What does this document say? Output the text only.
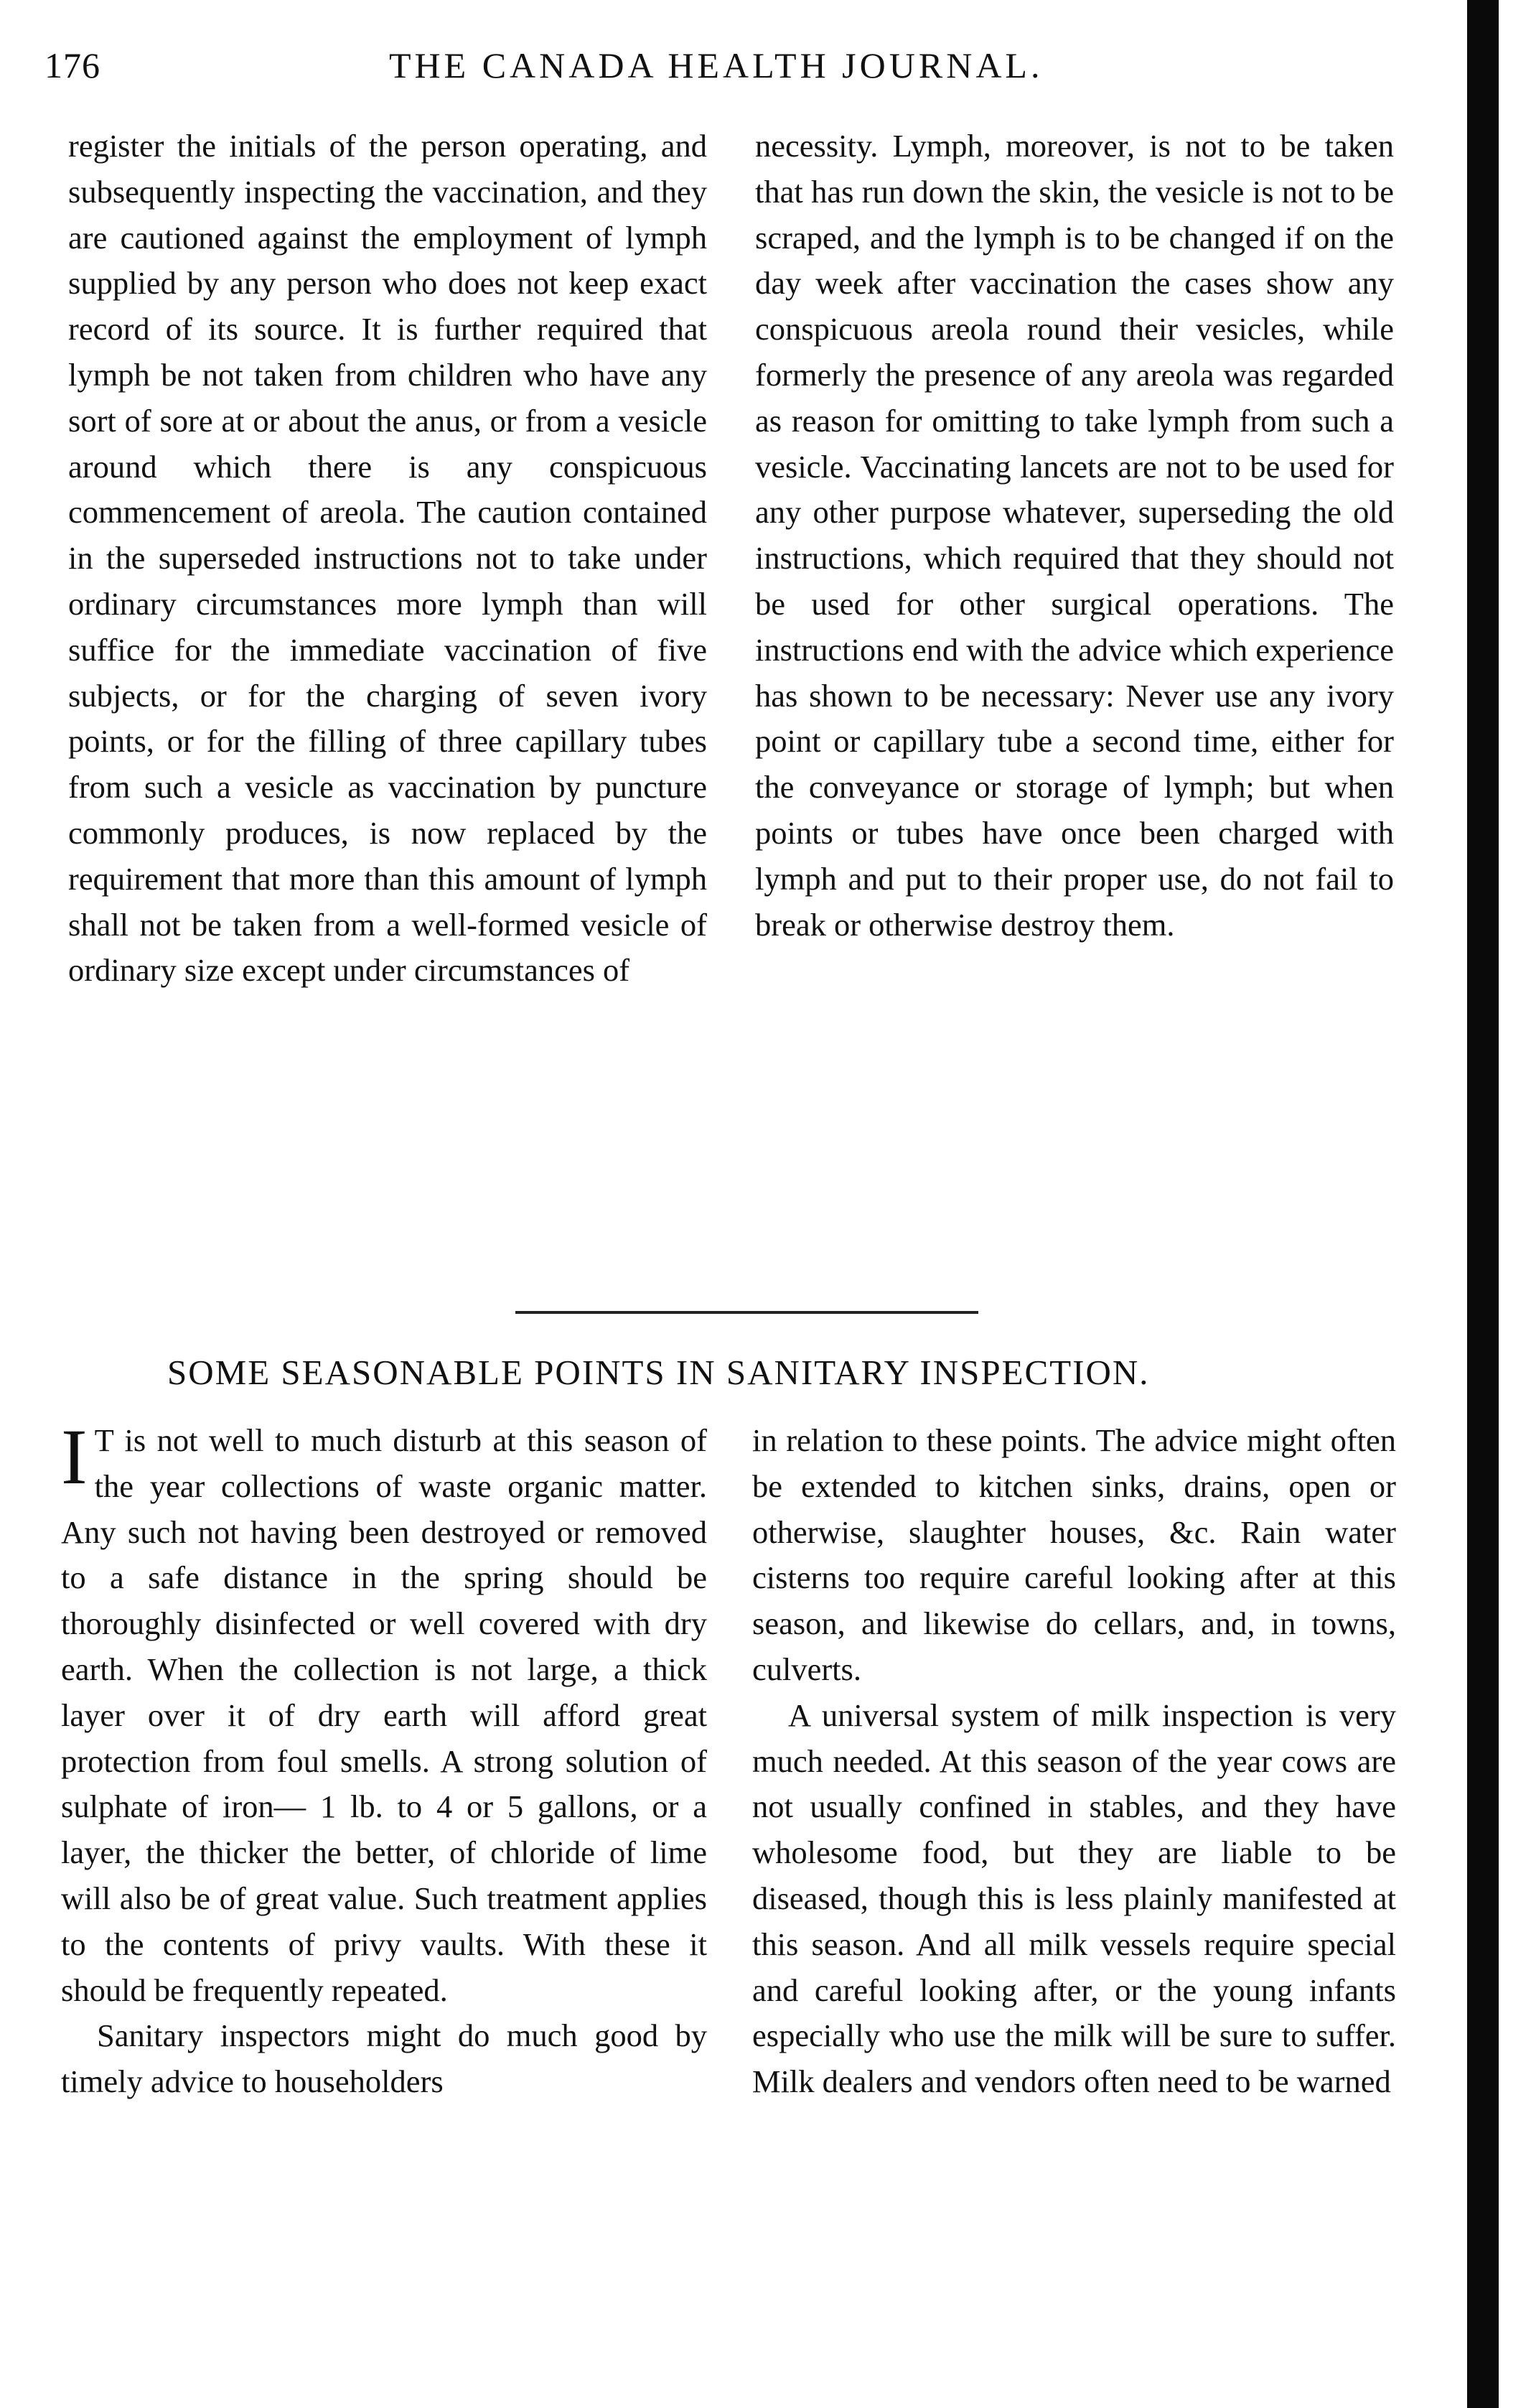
176	THE CANADA HEALTH JOURNAL.

register the initials of the person operating, and subsequently inspecting the vaccination, and they are cautioned against the employment of lymph supplied by any person who does not keep exact record of its source. It is further required that lymph be not taken from children who have any sort of sore at or about the anus, or from a vesicle around which there is any conspicuous commencement of areola. The caution contained in the superseded instructions not to take under ordinary circumstances more lymph than will suffice for the immediate vaccination of five subjects, or for the charging of seven ivory points, or for the filling of three capillary tubes from such a vesicle as vaccination by puncture commonly produces, is now replaced by the requirement that more than this amount of lymph shall not be taken from a well-formed vesicle of ordinary size except under circumstances of

necessity. Lymph, moreover, is not to be taken that has run down the skin, the vesicle is not to be scraped, and the lymph is to be changed if on the day week after vaccination the cases show any conspicuous areola round their vesicles, while formerly the presence of any areola was regarded as reason for omitting to take lymph from such a vesicle. Vaccinating lancets are not to be used for any other purpose whatever, superseding the old instructions, which required that they should not be used for other surgical operations. The instructions end with the advice which experience has shown to be necessary: Never use any ivory point or capillary tube a second time, either for the conveyance or storage of lymph; but when points or tubes have once been charged with lymph and put to their proper use, do not fail to break or otherwise destroy them.

SOME SEASONABLE POINTS IN SANITARY INSPECTION.

I T is not well to much disturb at this season of the year collections of waste organic matter. Any such not having been destroyed or removed to a safe distance in the spring should be thoroughly disinfected or well covered with dry earth. When the collection is not large, a thick layer over it of dry earth will afford great protection from foul smells. A strong solution of sulphate of iron— 1 lb. to 4 or 5 gallons, or a layer, the thicker the better, of chloride of lime will also be of great value. Such treatment applies to the contents of privy vaults. With these it should be frequently repeated.

Sanitary inspectors might do much good by timely advice to householders

in relation to these points. The advice might often be extended to kitchen sinks, drains, open or otherwise, slaughter houses, &c. Rain water cisterns too require careful looking after at this season, and likewise do cellars, and, in towns, culverts.

A universal system of milk inspection is very much needed. At this season of the year cows are not usually confined in stables, and they have wholesome food, but they are liable to be diseased, though this is less plainly manifested at this season. And all milk vessels require special and careful looking after, or the young infants especially who use the milk will be sure to suffer. Milk dealers and vendors often need to be warned
